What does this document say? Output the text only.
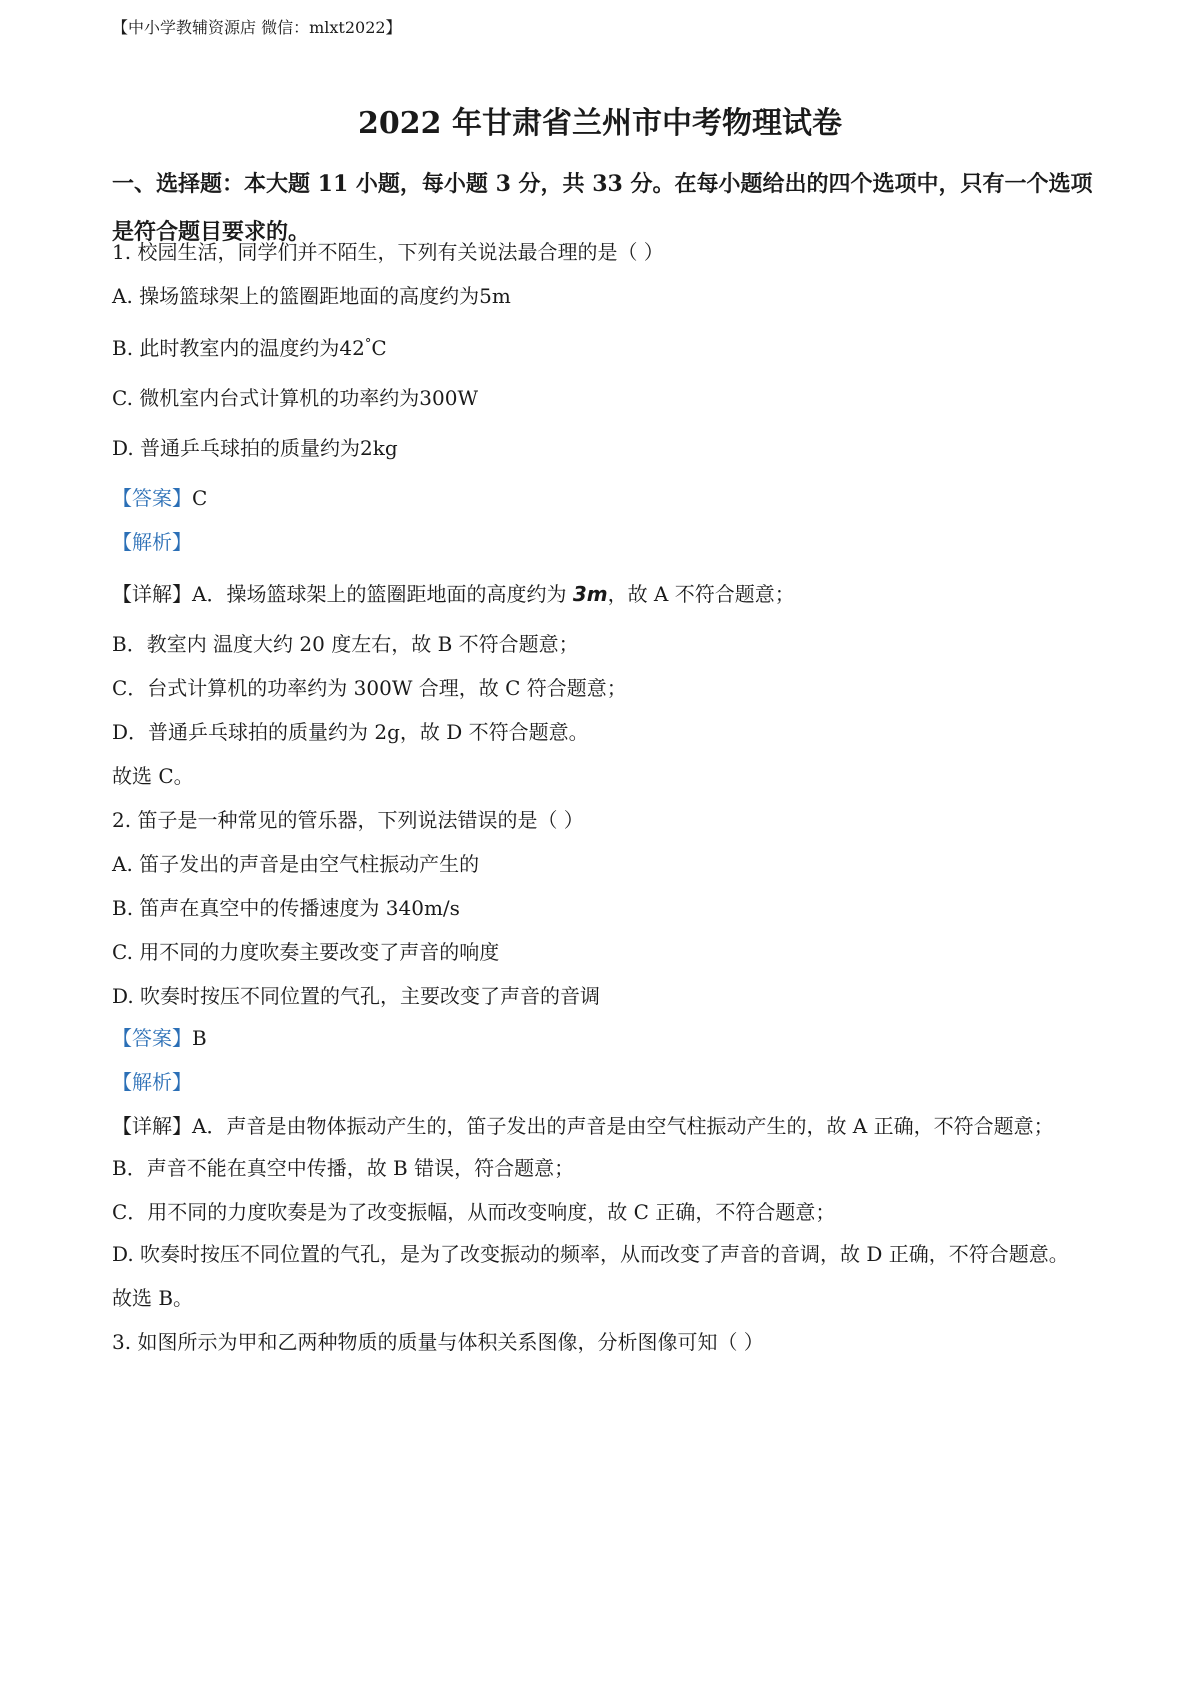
【中小学教辅资源店 微信：mlxt2022】
2022 年甘肃省兰州市中考物理试卷
一、选择题：本大题 11 小题，每小题 3 分，共 33 分。在每小题给出的四个选项中，只有一个选项是符合题目要求的。
1. 校园生活，同学们并不陌生，下列有关说法最合理的是（ ）
A. 操场篮球架上的篮圈距地面的高度约为5m
B. 此时教室内的温度约为42°C
C. 微机室内台式计算机的功率约为300W
D. 普通乒乓球拍的质量约为2kg
【答案】C
【解析】
【详解】A．操场篮球架上的篮圈距地面的高度约为 3m，故 A 不符合题意；
B．教室内 温度大约 20 度左右，故 B 不符合题意；
C．台式计算机的功率约为 300W 合理，故 C 符合题意；
D．普通乒乓球拍的质量约为 2g，故 D 不符合题意。
故选 C。
2. 笛子是一种常见的管乐器，下列说法错误的是（ ）
A. 笛子发出的声音是由空气柱振动产生的
B. 笛声在真空中的传播速度为 340m/s
C. 用不同的力度吹奏主要改变了声音的响度
D. 吹奏时按压不同位置的气孔，主要改变了声音的音调
【答案】B
【解析】
【详解】A．声音是由物体振动产生的，笛子发出的声音是由空气柱振动产生的，故 A 正确，不符合题意；
B．声音不能在真空中传播，故 B 错误，符合题意；
C．用不同的力度吹奏是为了改变振幅，从而改变响度，故 C 正确，不符合题意；
D. 吹奏时按压不同位置的气孔，是为了改变振动的频率，从而改变了声音的音调，故 D 正确，不符合题意。
故选 B。
3. 如图所示为甲和乙两种物质的质量与体积关系图像，分析图像可知（ ）
